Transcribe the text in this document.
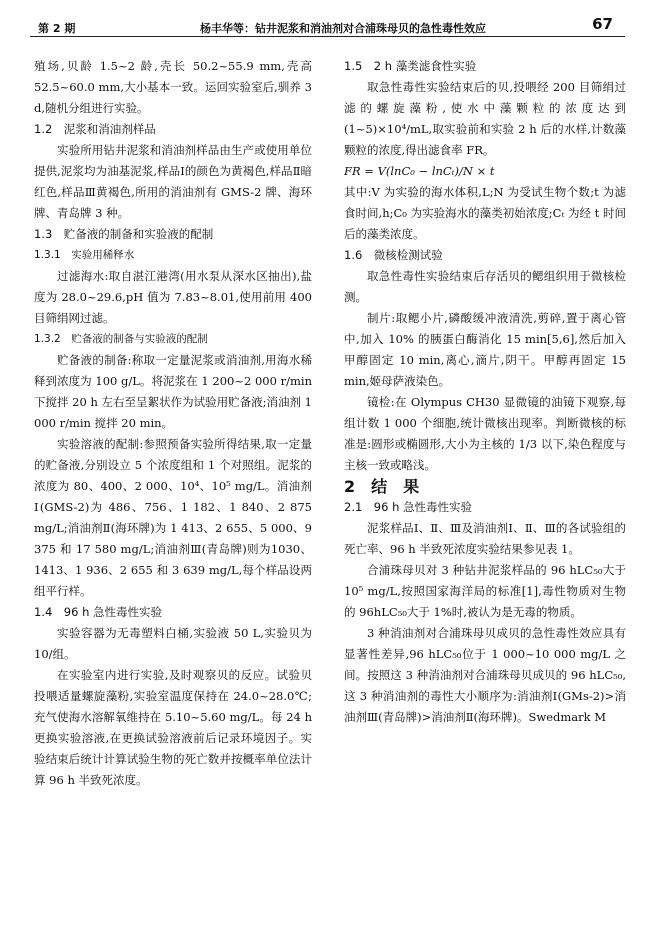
第 2 期	杨丰华等：钻井泥浆和消油剂对合浦珠母贝的急性毒性效应	67

殖场,贝龄 1.5~2 龄,壳长 50.2~55.9 mm,壳高 52.5~60.0 mm,大小基本一致。运回实验室后,驯养 3 d,随机分组进行实验。

1.2　泥浆和消油剂样品

实验所用钻井泥浆和消油剂样品由生产或使用单位提供,泥浆均为油基泥浆,样品Ⅰ的颜色为黄褐色,样品Ⅱ暗红色,样品Ⅲ黄褐色,所用的消油剂有 GMS-2 牌、海环牌、青岛牌 3 种。

1.3　贮备液的制备和实验液的配制

1.3.1　实验用稀释水

过滤海水:取自湛江港湾(用水泵从深水区抽出),盐度为 28.0~29.6,pH 值为 7.83~8.01,使用前用 400 目筛绢网过滤。

1.3.2　贮备液的制备与实验液的配制

贮备液的制备:称取一定量泥浆或消油剂,用海水稀释到浓度为 100 g/L。将泥浆在 1 200~2 000 r/min 下搅拌 20 h 左右至呈絮状作为试验用贮备液;消油剂 1 000 r/min 搅拌 20 min。

实验溶液的配制:参照预备实验所得结果,取一定量的贮备液,分别设立 5 个浓度组和 1 个对照组。泥浆的浓度为 80、400、2 000、10⁴、10⁵ mg/L。消油剂Ⅰ(GMS-2)为 486、756、1 182、1 840、2 875 mg/L;消油剂Ⅱ(海环牌)为 1 413、2 655、5 000、9 375 和 17 580 mg/L;消油剂Ⅲ(青岛牌)则为1030、1413、1 936、2 655 和 3 639 mg/L,每个样品设两组平行样。

1.4　96 h 急性毒性实验

实验容器为无毒塑料白桶,实验液 50 L,实验贝为 10/组。

在实验室内进行实验,及时观察贝的反应。试验贝投喂适量螺旋藻粉,实验室温度保持在 24.0~28.0℃;充气使海水溶解氧维持在 5.10~5.60 mg/L。每 24 h 更换实验溶液,在更换试验溶液前后记录环境因子。实验结束后统计计算试验生物的死亡数并按概率单位法计算 96 h 半致死浓度。

1.5　2 h 藻类滤食性实验

取急性毒性实验结束后的贝,投喂经 200 目筛绢过滤的螺旋藻粉,使水中藻颗粒的浓度达到(1~5)×10⁴/mL,取实验前和实验 2 h 后的水样,计数藻颗粒的浓度,得出滤食率 FR。

FR = V(lnC₀ − lnCₜ)/N × t

其中:V 为实验的海水体积,L;N 为受试生物个数;t 为滤食时间,h;C₀ 为实验海水的藻类初始浓度;Cₜ 为经 t 时间后的藻类浓度。

1.6　微核检测试验

取急性毒性实验结束后存活贝的鳃组织用于微核检测。

制片:取鳃小片,磷酸缓冲液清洗,剪碎,置于离心管中,加入 10% 的胰蛋白酶消化 15 min[5,6],然后加入甲醇固定 10 min,离心,滴片,阴干。甲醇再固定 15 min,姬母萨液染色。

镜检:在 Olympus CH30 显微镜的油镜下观察,每组计数 1 000 个细胞,统计微核出现率。判断微核的标准是:圆形或椭圆形,大小为主核的 1/3 以下,染色程度与主核一致或略浅。

2　结　果

2.1　96 h 急性毒性实验

泥浆样品Ⅰ、Ⅱ、Ⅲ及消油剂Ⅰ、Ⅱ、Ⅲ的各试验组的死亡率、96 h 半致死浓度实验结果参见表 1。

合浦珠母贝对 3 种钻井泥浆样品的 96 hLC₅₀大于 10⁵ mg/L,按照国家海洋局的标准[1],毒性物质对生物的 96hLC₅₀大于 1%时,被认为是无毒的物质。

3 种消油剂对合浦珠母贝成贝的急性毒性效应具有显著性差异,96 hLC₅₀位于 1 000~10 000 mg/L 之间。按照这 3 种消油剂对合浦珠母贝成贝的 96 hLC₅₀,这 3 种消油剂的毒性大小顺序为:消油剂Ⅰ(GMs-2)>消油剂Ⅲ(青岛牌)>消油剂Ⅱ(海环牌)。Swedmark M
